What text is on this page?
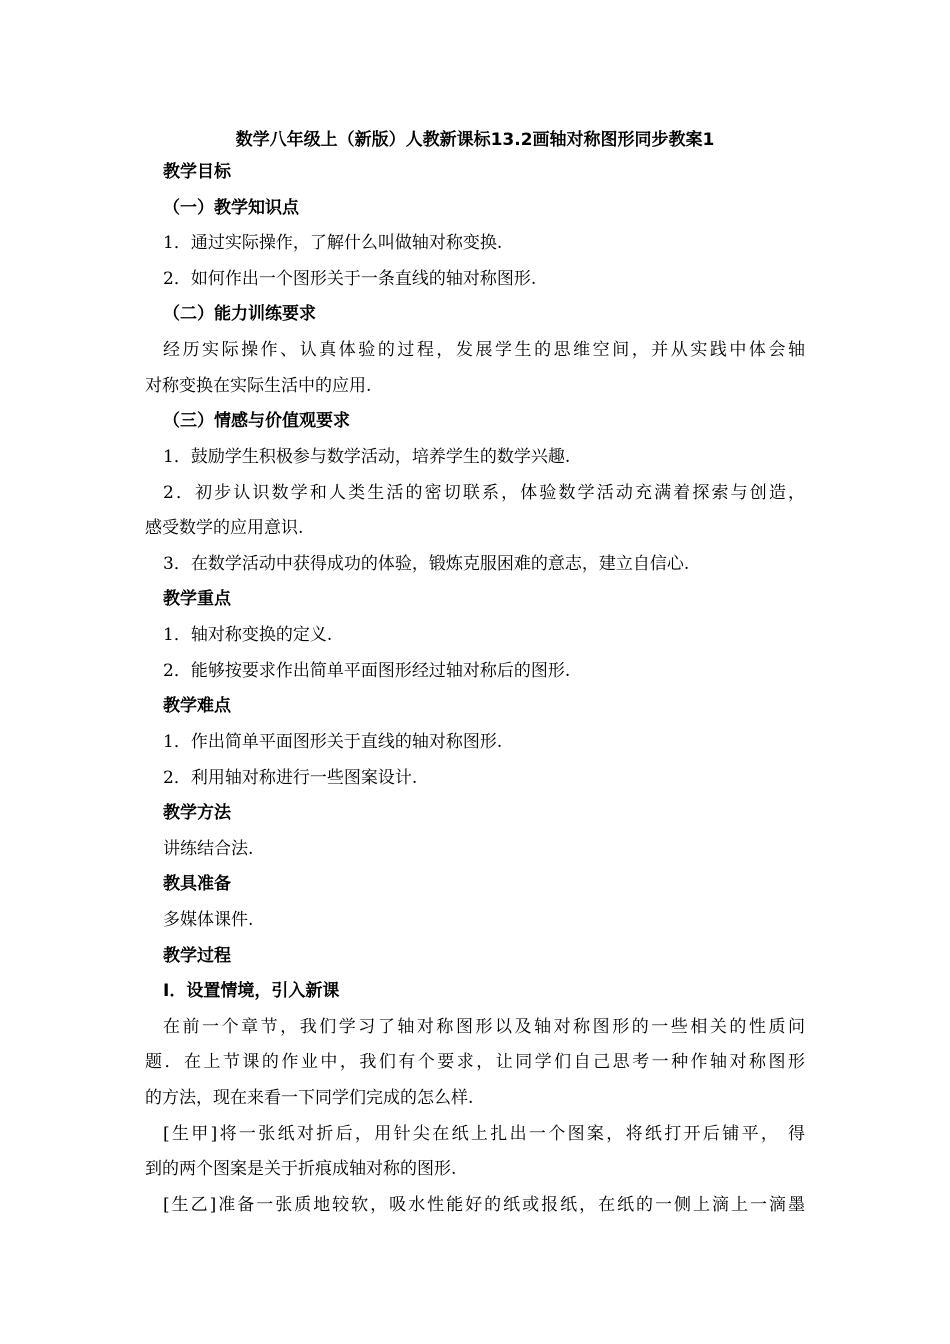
数学八年级上（新版）人教新课标13.2画轴对称图形同步教案1
教学目标
（一）教学知识点
1．通过实际操作，了解什么叫做轴对称变换.
2．如何作出一个图形关于一条直线的轴对称图形.
（二）能力训练要求
经历实际操作、认真体验的过程，发展学生的思维空间，并从实践中体会轴
对称变换在实际生活中的应用.
（三）情感与价值观要求
1．鼓励学生积极参与数学活动，培养学生的数学兴趣.
2．初步认识数学和人类生活的密切联系，体验数学活动充满着探索与创造，
感受数学的应用意识.
3．在数学活动中获得成功的体验，锻炼克服困难的意志，建立自信心.
教学重点
1．轴对称变换的定义.
2．能够按要求作出简单平面图形经过轴对称后的图形.
教学难点
1．作出简单平面图形关于直线的轴对称图形.
2．利用轴对称进行一些图案设计.
教学方法
讲练结合法.
教具准备
多媒体课件.
教学过程
Ⅰ．设置情境，引入新课
在前一个章节，我们学习了轴对称图形以及轴对称图形的一些相关的性质问
题．在上节课的作业中，我们有个要求，让同学们自己思考一种作轴对称图形
的方法，现在来看一下同学们完成的怎么样.
[生甲]将一张纸对折后，用针尖在纸上扎出一个图案，将纸打开后铺平， 得
到的两个图案是关于折痕成轴对称的图形.
[生乙]准备一张质地较软，吸水性能好的纸或报纸，在纸的一侧上滴上一滴墨
